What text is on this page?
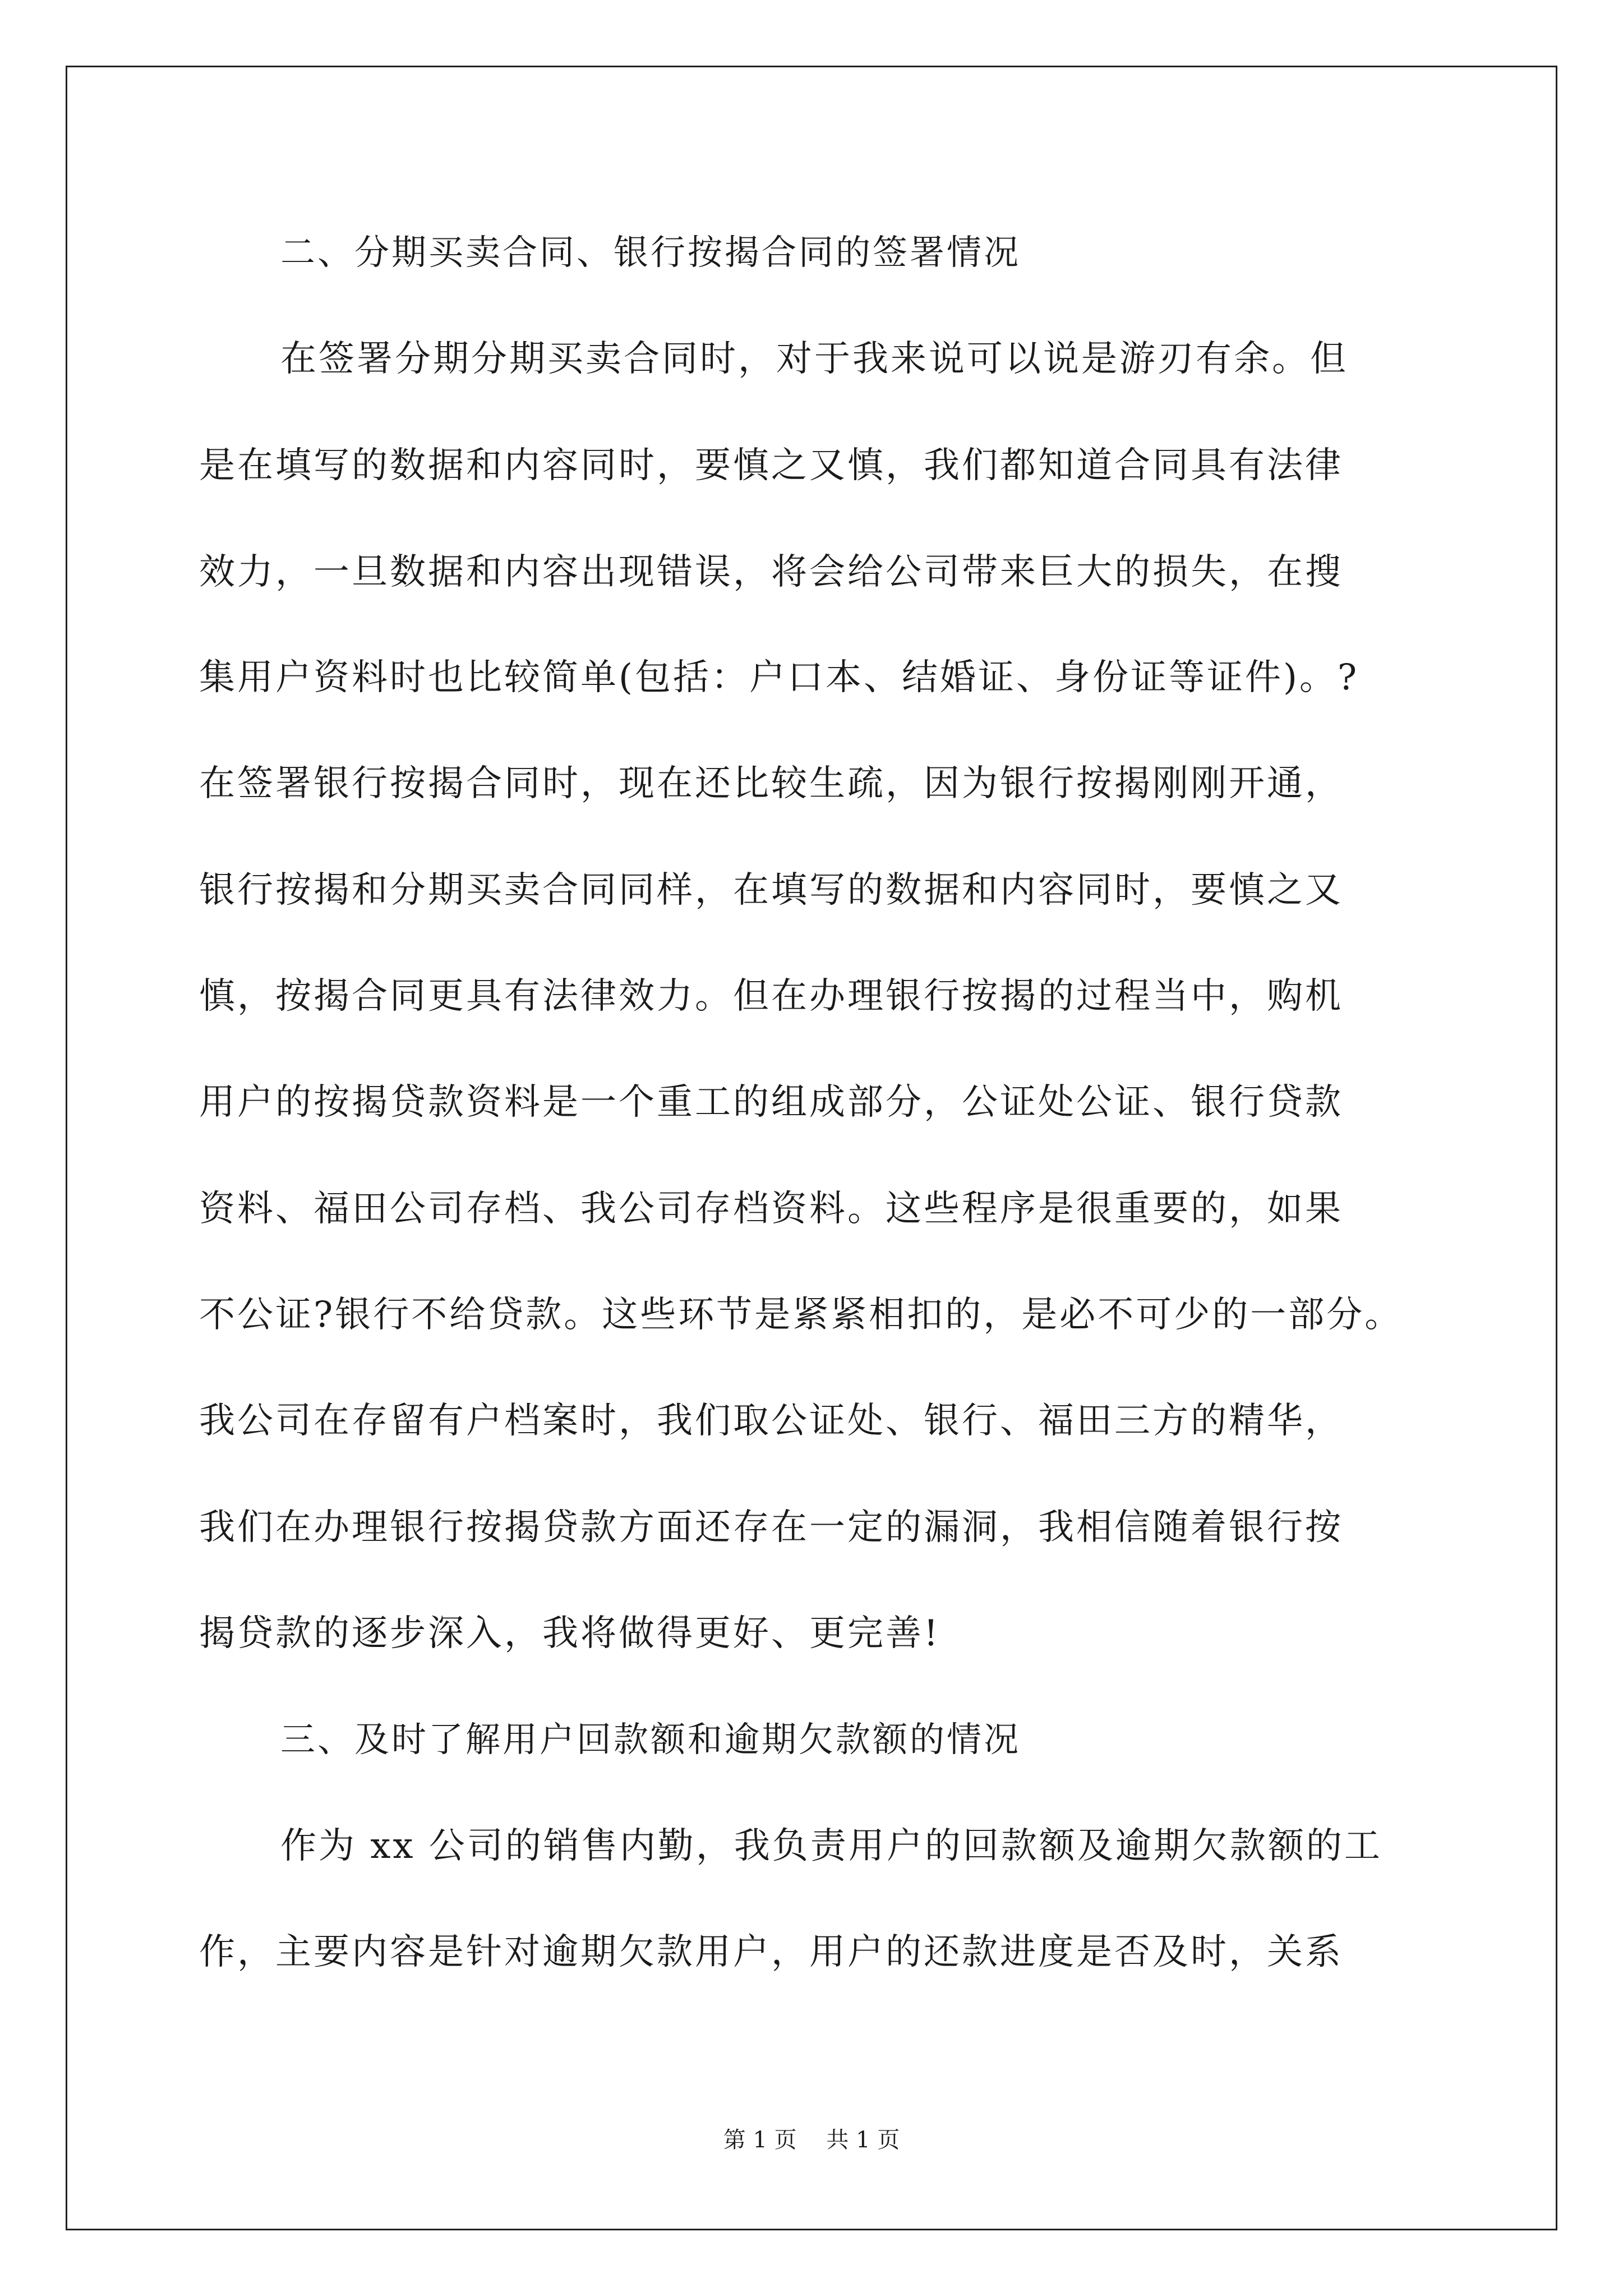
二、分期买卖合同、银行按揭合同的签署情况
在签署分期分期买卖合同时，对于我来说可以说是游刃有余。但
是在填写的数据和内容同时，要慎之又慎，我们都知道合同具有法律
效力，一旦数据和内容出现错误，将会给公司带来巨大的损失，在搜
集用户资料时也比较简单(包括：户口本、结婚证、身份证等证件)。?
在签署银行按揭合同时，现在还比较生疏，因为银行按揭刚刚开通，
银行按揭和分期买卖合同同样，在填写的数据和内容同时，要慎之又
慎，按揭合同更具有法律效力。但在办理银行按揭的过程当中，购机
用户的按揭贷款资料是一个重工的组成部分，公证处公证、银行贷款
资料、福田公司存档、我公司存档资料。这些程序是很重要的，如果
不公证?银行不给贷款。这些环节是紧紧相扣的，是必不可少的一部分。
我公司在存留有户档案时，我们取公证处、银行、福田三方的精华，
我们在办理银行按揭贷款方面还存在一定的漏洞，我相信随着银行按
揭贷款的逐步深入，我将做得更好、更完善!
三、及时了解用户回款额和逾期欠款额的情况
作为 xx 公司的销售内勤，我负责用户的回款额及逾期欠款额的工
作，主要内容是针对逾期欠款用户，用户的还款进度是否及时，关系
第 1 页 共 1 页
